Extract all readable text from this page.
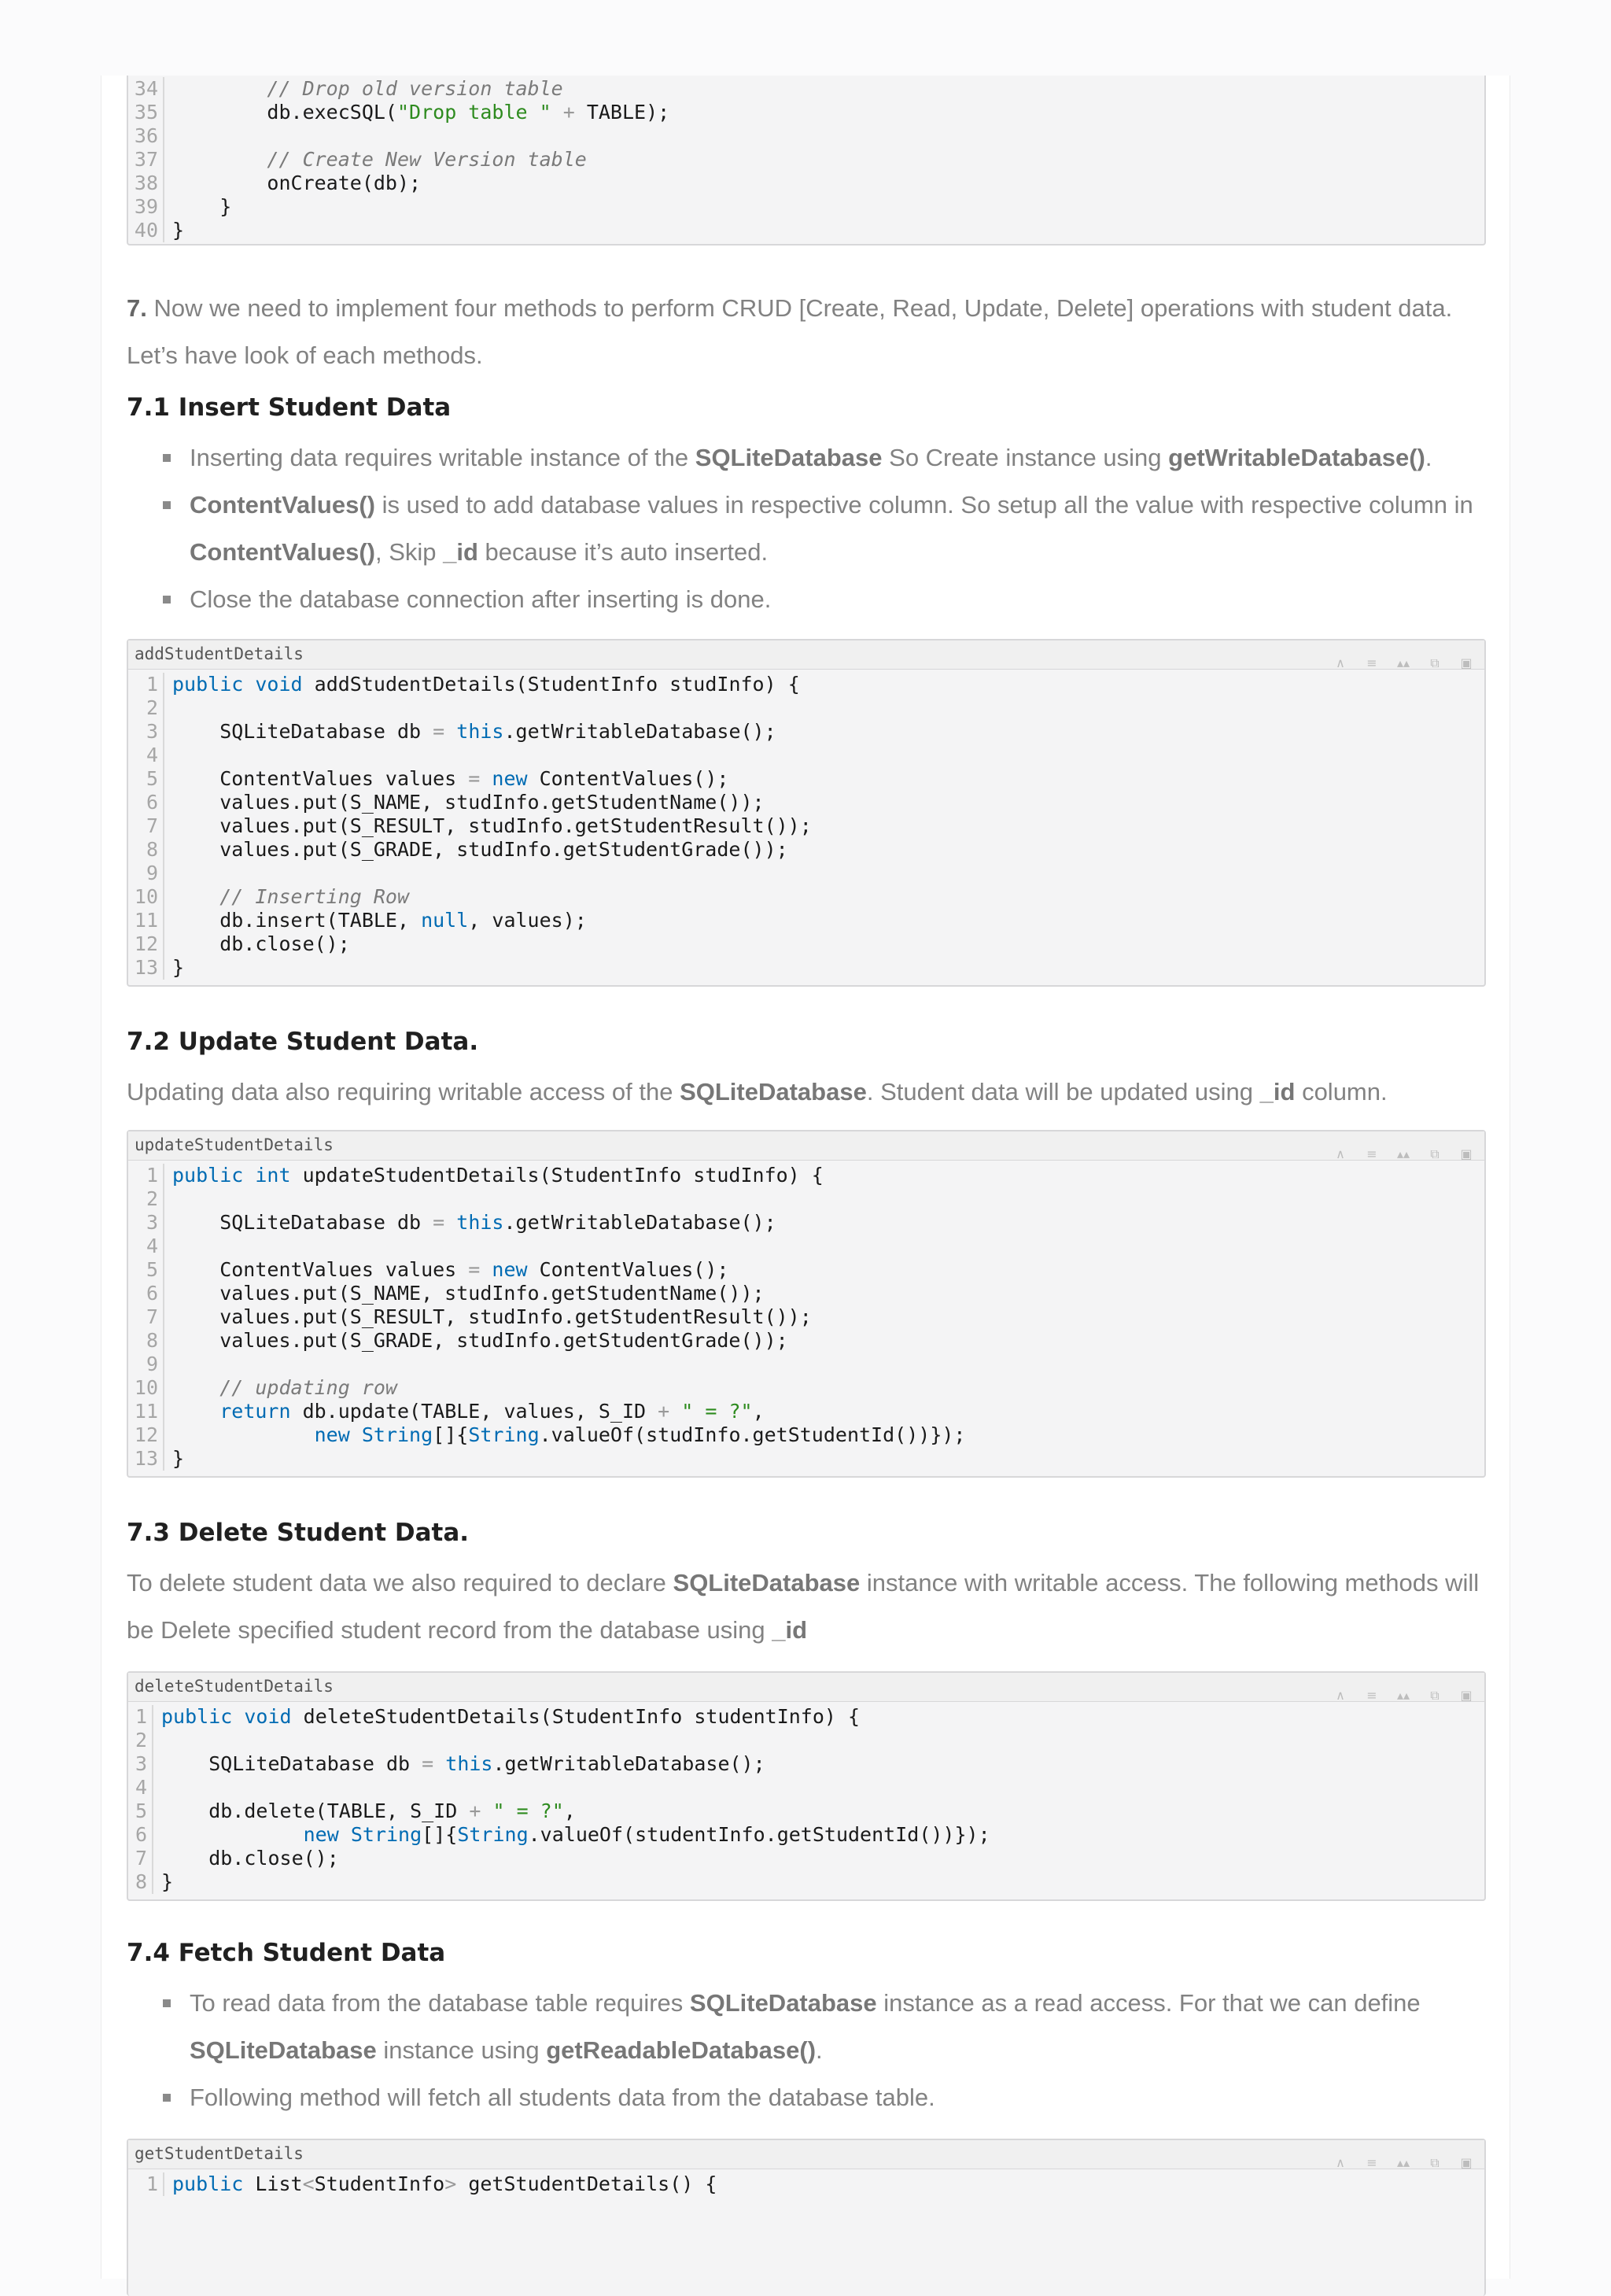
34
35
36
37
38
39
40
// Drop old version table
db.execSQL("Drop table " + TABLE);
// Create New Version table
onCreate(db);
}
}

7. Now we need to implement four methods to perform CRUD [Create, Read, Update, Delete] operations with student data. Let’s have look of each methods.

7.1 Insert Student Data
Inserting data requires writable instance of the SQLiteDatabase So Create instance using getWritableDatabase().
ContentValues() is used to add database values in respective column. So setup all the value with respective column in ContentValues(), Skip _id because it’s auto inserted.
Close the database connection after inserting is done.
addStudentDetails	∧	≡	▴▴	⧉	▣
1
2
3
4
5
6
7
8
9
10
11
12
13
public void addStudentDetails(StudentInfo studInfo) {
SQLiteDatabase db = this.getWritableDatabase();
ContentValues values = new ContentValues();
values.put(S_NAME, studInfo.getStudentName());
values.put(S_RESULT, studInfo.getStudentResult());
values.put(S_GRADE, studInfo.getStudentGrade());
// Inserting Row
db.insert(TABLE, null, values);
db.close();
}
7.2 Update Student Data.

Updating data also requiring writable access of the SQLiteDatabase. Student data will be updated using _id column.

updateStudentDetails	∧	≡	▴▴	⧉	▣
1
2
3
4
5
6
7
8
9
10
11
12
13
public int updateStudentDetails(StudentInfo studInfo) {
SQLiteDatabase db = this.getWritableDatabase();
ContentValues values = new ContentValues();
values.put(S_NAME, studInfo.getStudentName());
values.put(S_RESULT, studInfo.getStudentResult());
values.put(S_GRADE, studInfo.getStudentGrade());
// updating row
return db.update(TABLE, values, S_ID + " = ?",
new String[]{String.valueOf(studInfo.getStudentId())});
}
7.3 Delete Student Data.

To delete student data we also required to declare SQLiteDatabase instance with writable access. The following methods will be Delete specified student record from the database using _id

deleteStudentDetails	∧	≡	▴▴	⧉	▣
1
2
3
4
5
6
7
8
public void deleteStudentDetails(StudentInfo studentInfo) {
SQLiteDatabase db = this.getWritableDatabase();
db.delete(TABLE, S_ID + " = ?",
new String[]{String.valueOf(studentInfo.getStudentId())});
db.close();
}
7.4 Fetch Student Data
To read data from the database table requires SQLiteDatabase instance as a read access. For that we can define SQLiteDatabase instance using getReadableDatabase().
Following method will fetch all students data from the database table.
getStudentDetails	∧	≡	▴▴	⧉	▣
1 public List<StudentInfo> getStudentDetails() {
